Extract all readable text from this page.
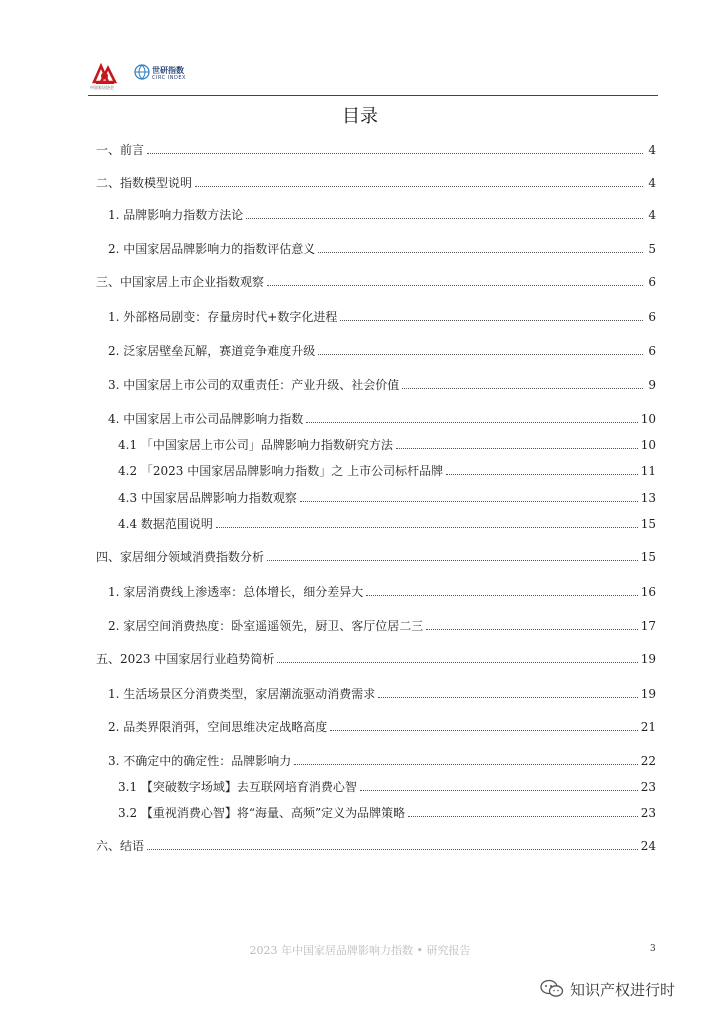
中国家居协会
世研指数
CIRC INDEX
目录
一、前言	4
二、指数模型说明	4
1. 品牌影响力指数方法论	4
2. 中国家居品牌影响力的指数评估意义	5
三、中国家居上市企业指数观察	6
1. 外部格局剧变：存量房时代+数字化进程	6
2. 泛家居壁垒瓦解，赛道竞争难度升级	6
3. 中国家居上市公司的双重责任：产业升级、社会价值	9
4. 中国家居上市公司品牌影响力指数	10
4.1 「中国家居上市公司」品牌影响力指数研究方法	10
4.2 「2023 中国家居品牌影响力指数」之 上市公司标杆品牌	11
4.3 中国家居品牌影响力指数观察	13
4.4 数据范围说明	15
四、家居细分领域消费指数分析	15
1. 家居消费线上渗透率：总体增长，细分差异大	16
2. 家居空间消费热度：卧室遥遥领先，厨卫、客厅位居二三	17
五、2023 中国家居行业趋势简析	19
1. 生活场景区分消费类型，家居潮流驱动消费需求	19
2. 品类界限消弭，空间思维决定战略高度	21
3. 不确定中的确定性：品牌影响力	22
3.1 【突破数字场域】去互联网培育消费心智	23
3.2 【重视消费心智】将“海量、高频”定义为品牌策略	23
六、结语	24
2023 年中国家居品牌影响力指数 • 研究报告	3
知识产权进行时
